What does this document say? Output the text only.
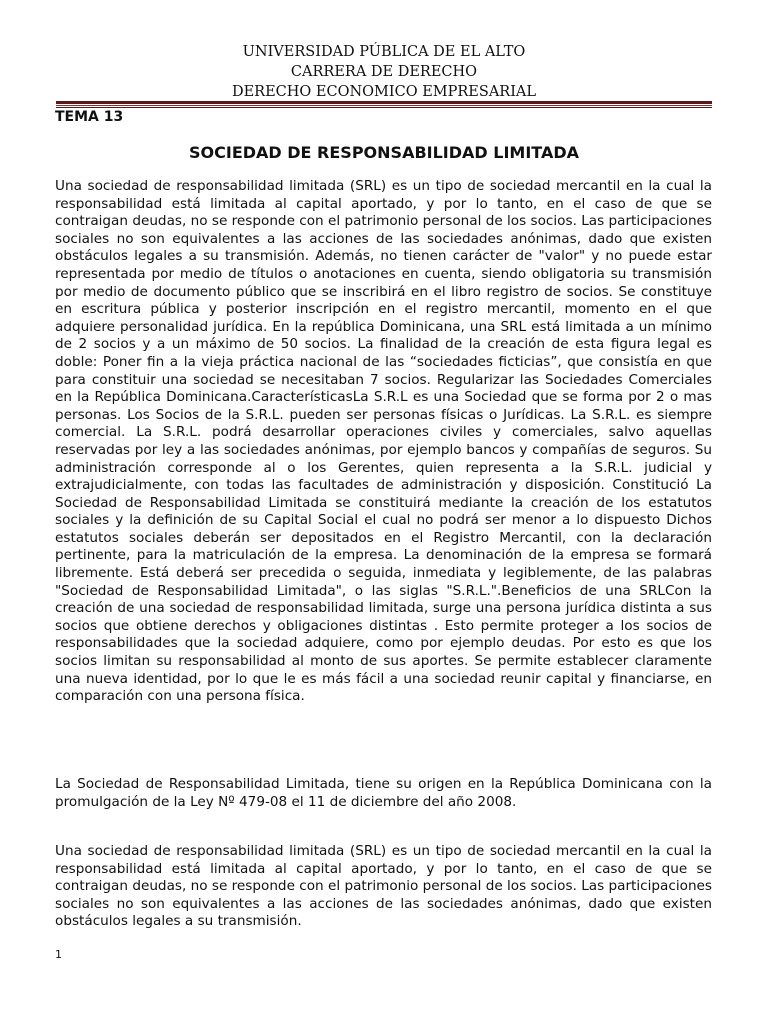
UNIVERSIDAD PÚBLICA DE EL ALTO
CARRERA DE DERECHO
DERECHO ECONOMICO EMPRESARIAL
TEMA 13
SOCIEDAD DE RESPONSABILIDAD LIMITADA

Una sociedad de responsabilidad limitada (SRL) es un tipo de sociedad mercantil en la cual la responsabilidad está limitada al capital aportado, y por lo tanto, en el caso de que se contraigan deudas, no se responde con el patrimonio personal de los socios. Las participaciones sociales no son equivalentes a las acciones de las sociedades anónimas, dado que existen obstáculos legales a su transmisión. Además, no tienen carácter de "valor" y no puede estar representada por medio de títulos o anotaciones en cuenta, siendo obligatoria su transmisión por medio de documento público que se inscribirá en el libro registro de socios. Se constituye en escritura pública y posterior inscripción en el registro mercantil, momento en el que adquiere personalidad jurídica. En la república Dominicana, una SRL está limitada a un mínimo de 2 socios y a un máximo de 50 socios. La finalidad de la creación de esta figura legal es doble: Poner fin a la vieja práctica nacional de las “sociedades ficticias”, que consistía en que para constituir una sociedad se necesitaban 7 socios. Regularizar las Sociedades Comerciales en la República Dominicana.CaracterísticasLa S.R.L es una Sociedad que se forma por 2 o mas personas. Los Socios de la S.R.L. pueden ser personas físicas o Jurídicas. La S.R.L. es siempre comercial. La S.R.L. podrá desarrollar operaciones civiles y comerciales, salvo aquellas reservadas por ley a las sociedades anónimas, por ejemplo bancos y compañías de seguros. Su administración corresponde al o los Gerentes, quien representa a la S.R.L. judicial y extrajudicialmente, con todas las facultades de administración y disposición. Constitució La Sociedad de Responsabilidad Limitada se constituirá mediante la creación de los estatutos sociales y la definición de su Capital Social el cual no podrá ser menor a lo dispuesto Dichos estatutos sociales deberán ser depositados en el Registro Mercantil, con la declaración pertinente, para la matriculación de la empresa. La denominación de la empresa se formará libremente. Está deberá ser precedida o seguida, inmediata y legiblemente, de las palabras "Sociedad de Responsabilidad Limitada", o las siglas "S.R.L.".Beneficios de una SRLCon la creación de una sociedad de responsabilidad limitada, surge una persona jurídica distinta a sus socios que obtiene derechos y obligaciones distintas . Esto permite proteger a los socios de responsabilidades que la sociedad adquiere, como por ejemplo deudas. Por esto es que los socios limitan su responsabilidad al monto de sus aportes. Se permite establecer claramente una nueva identidad, por lo que le es más fácil a una sociedad reunir capital y financiarse, en comparación con una persona física.

La Sociedad de Responsabilidad Limitada, tiene su origen en la República Dominicana con la promulgación de la Ley Nº 479-08 el 11 de diciembre del año 2008.

Una sociedad de responsabilidad limitada (SRL) es un tipo de sociedad mercantil en la cual la responsabilidad está limitada al capital aportado, y por lo tanto, en el caso de que se contraigan deudas, no se responde con el patrimonio personal de los socios. Las participaciones sociales no son equivalentes a las acciones de las sociedades anónimas, dado que existen obstáculos legales a su transmisión.

1
